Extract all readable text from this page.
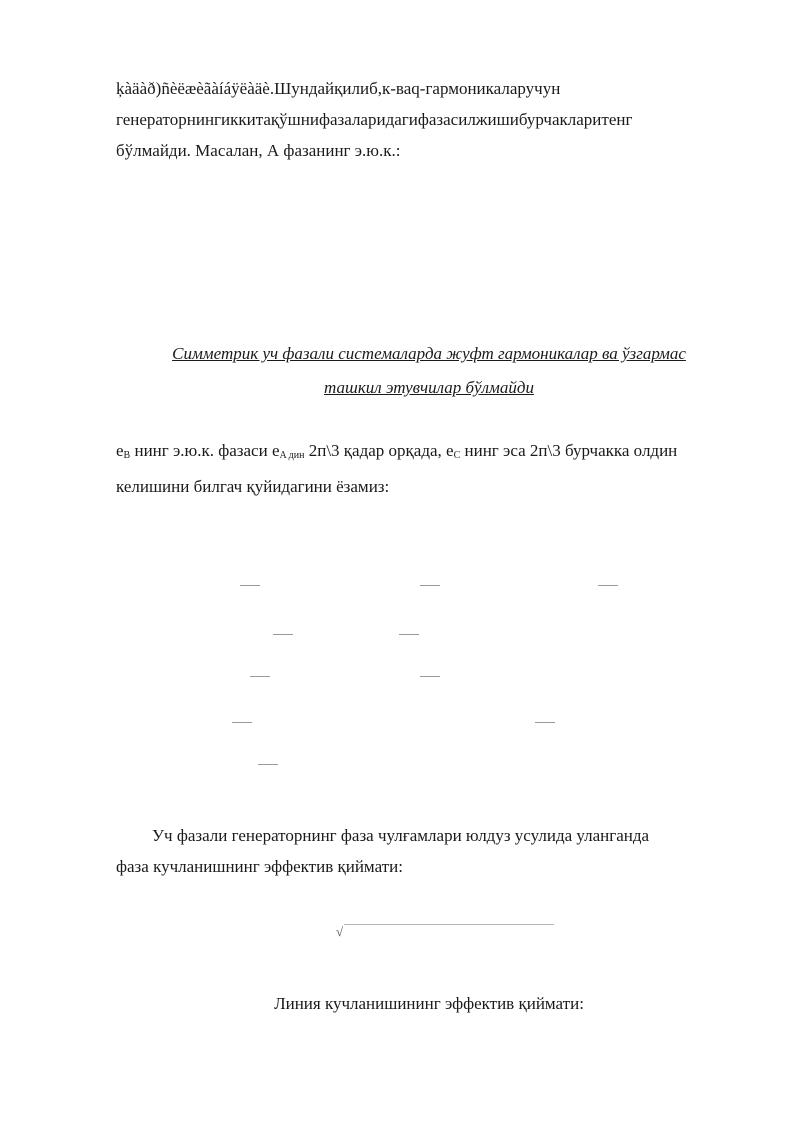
ķàäàð)ñèëæèãàíáÿëàäè.Шундайқилиб,к-ваq-гармоникаларучун
генераторнингиккитақўшнифазаларидагифазасилжишибурчакларитенг
бўлмайди. Масалан, А фазанинг э.ю.к.:
Симметрик уч фазали системаларда жуфт гармоникалар ва ўзгармас
ташкил этувчилар бўлмайди
$e_B$ нинг э.ю.к. фазаси $e_{A дин}$ 2п\3 қадар орқада, $e_C$ нинг эса 2п\3 бурчакка олдин
келишини билгач қуйидагини ёзамиз:
Уч фазали генераторнинг фаза чулғамлари юлдуз усулида уланганда
фаза кучланишнинг эффектив қиймати:
√
Линия кучланишининг эффектив қиймати:
